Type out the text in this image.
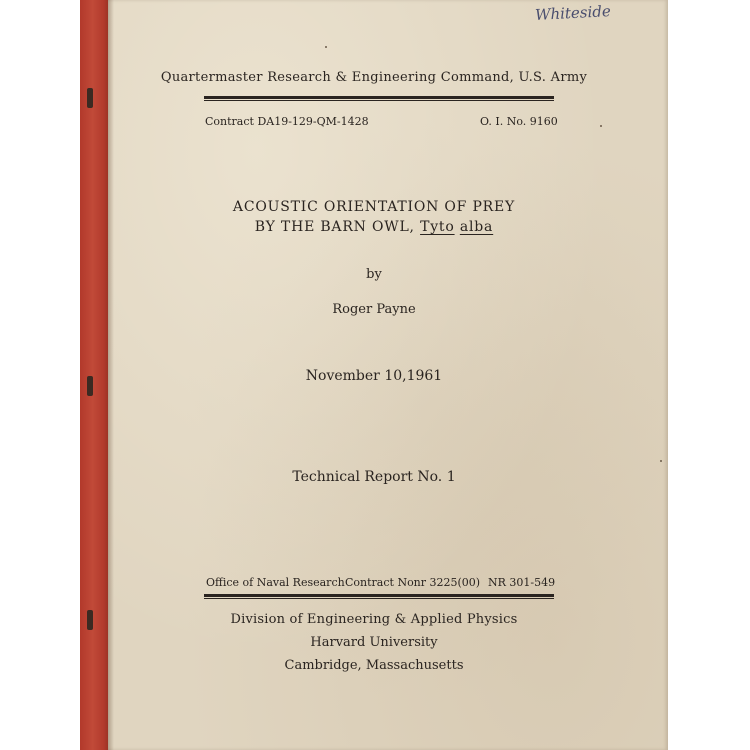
Whiteside
Quartermaster Research & Engineering Command, U.S. Army
Contract DA19-129-QM-1428	O. I. No. 9160
ACOUSTIC ORIENTATION OF PREY
BY THE BARN OWL, Tyto alba
by
Roger Payne
November 10,1961
Technical Report No. 1
Office of Naval Research Contract Nonr 3225(00) NR 301-549
Division of Engineering & Applied Physics
Harvard University
Cambridge, Massachusetts
